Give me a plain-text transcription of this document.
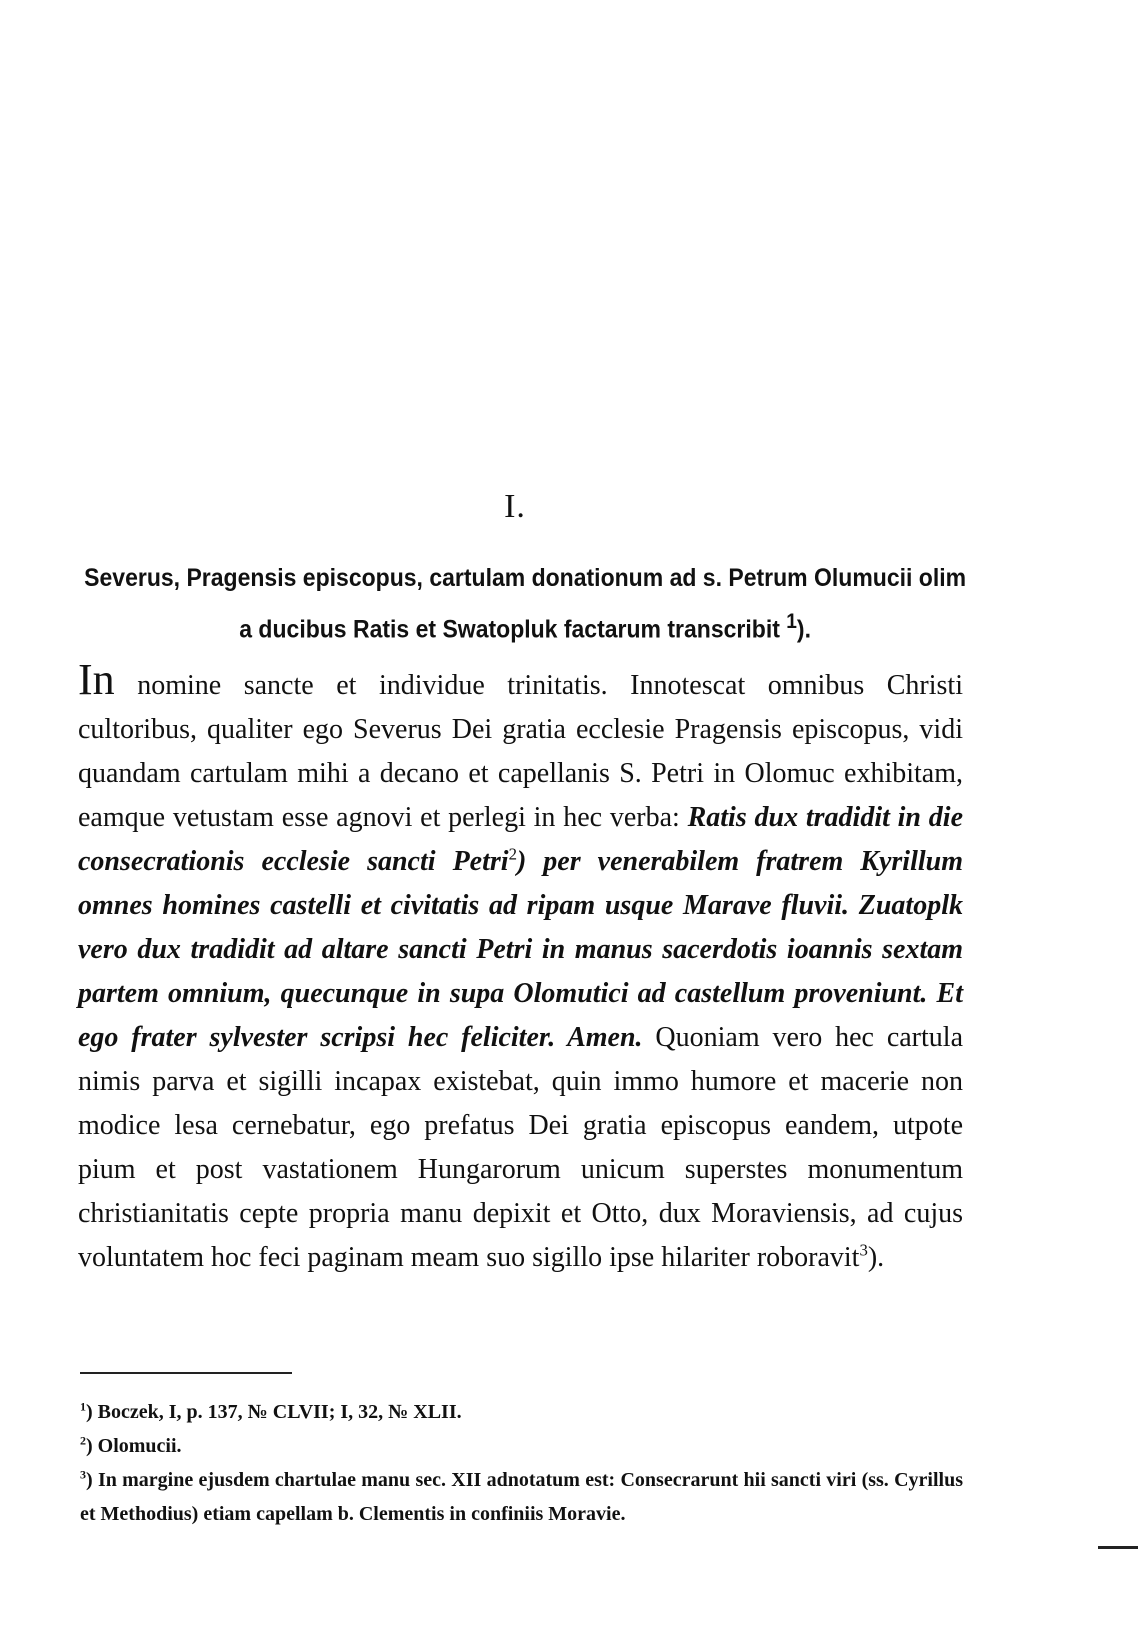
I.
Severus, Pragensis episcopus, cartulam donationum ad s. Petrum Olumucii olim a ducibus Ratis et Swatopluk factarum transcribit $^1$).
In nomine sancte et individue trinitatis. Innotescat omnibus Christi cultoribus, qualiter ego Severus Dei gratia ecclesie Pragensis episcopus, vidi quandam cartulam mihi a decano et capellanis S. Petri in Olomuc exhibitam, eamque vetustam esse agnovi et perlegi in hec verba: Ratis dux tradidit in die consecrationis ecclesie sancti Petri$^2$) per venerabilem fratrem Kyrillum omnes homines castelli et civitatis ad ripam usque Marave fluvii. Zuatoplk vero dux tradidit ad altare sancti Petri in manus sacerdotis ioannis sextam partem omnium, quecunque in supa Olomutici ad castellum proveniunt. Et ego frater sylvester scripsi hec feliciter. Amen. Quoniam vero hec cartula nimis parva et sigilli incapax existebat, quin immo humore et macerie non modice lesa cernebatur, ego prefatus Dei gratia episcopus eandem, utpote pium et post vastationem Hungarorum unicum superstes monumentum christianitatis cepte propria manu depixit et Otto, dux Moraviensis, ad cujus voluntatem hoc feci paginam meam suo sigillo ipse hilariter roboravit$^3$).

$^1$) Boczek, I, p. 137, № CLVII; I, 32, № XLII.

$^2$) Olomucii.

$^3$) In margine ejusdem chartulae manu sec. XII adnotatum est: Consecrarunt hii sancti viri (ss. Cyrillus et Methodius) etiam capellam b. Clementis in confiniis Moravie.
